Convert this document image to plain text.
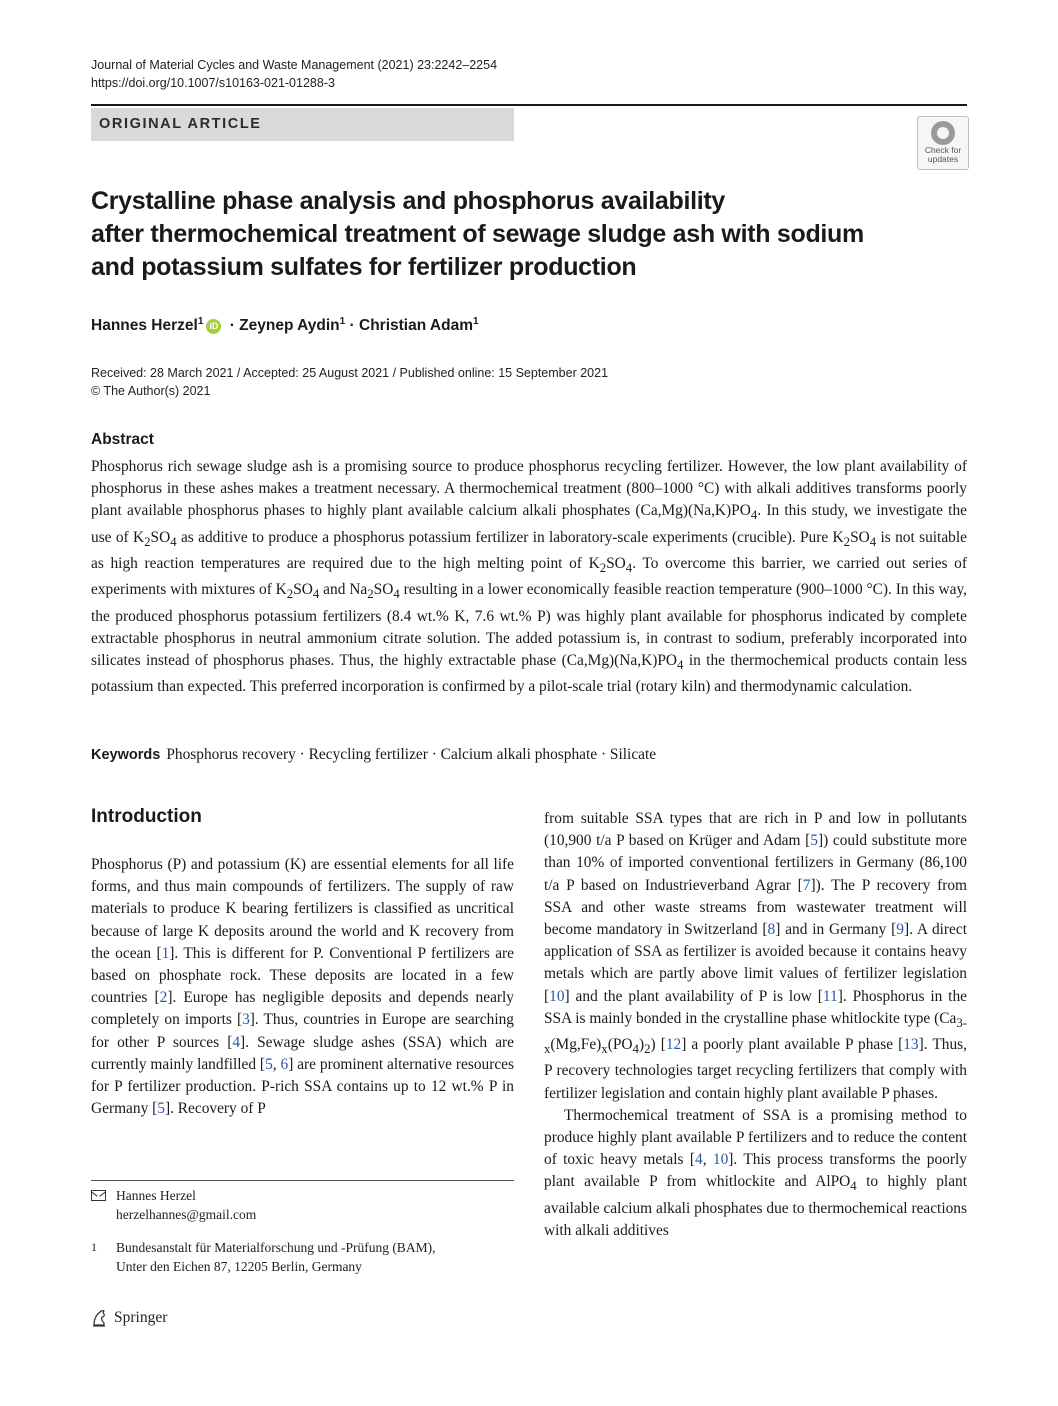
Journal of Material Cycles and Waste Management (2021) 23:2242–2254
https://doi.org/10.1007/s10163-021-01288-3
ORIGINAL ARTICLE
Check for
updates
Crystalline phase analysis and phosphorus availability
after thermochemical treatment of sewage sludge ash with sodium
and potassium sulfates for fertilizer production
Hannes Herzel$^1$ iD · Zeynep Aydin$^1$ · Christian Adam$^1$
Received: 28 March 2021 / Accepted: 25 August 2021 / Published online: 15 September 2021
© The Author(s) 2021
Abstract
Phosphorus rich sewage sludge ash is a promising source to produce phosphorus recycling fertilizer. However, the low plant availability of phosphorus in these ashes makes a treatment necessary. A thermochemical treatment (800–1000 °C) with alkali additives transforms poorly plant available phosphorus phases to highly plant available calcium alkali phosphates $(Ca,Mg)(Na,K)PO_4$. In this study, we investigate the use of $K_2SO_4$ as additive to produce a phosphorus potassium fertilizer in laboratory-scale experiments (crucible). Pure $K_2SO_4$ is not suitable as high reaction temperatures are required due to the high melting point of $K_2SO_4$. To overcome this barrier, we carried out series of experiments with mixtures of $K_2SO_4$ and $Na_2SO_4$ resulting in a lower economically feasible reaction temperature (900–1000 °C). In this way, the produced phosphorus potassium fertilizers (8.4 wt.% K, 7.6 wt.% P) was highly plant available for phosphorus indicated by complete extractable phosphorus in neutral ammonium citrate solution. The added potassium is, in contrast to sodium, preferably incorporated into silicates instead of phosphorus phases. Thus, the highly extractable phase $(Ca,Mg)(Na,K)PO_4$ in the thermochemical products contain less potassium than expected. This preferred incorporation is confirmed by a pilot-scale trial (rotary kiln) and thermodynamic calculation.
Keywords Phosphorus recovery · Recycling fertilizer · Calcium alkali phosphate · Silicate
Introduction

Phosphorus (P) and potassium (K) are essential elements for all life forms, and thus main compounds of fertilizers. The supply of raw materials to produce K bearing fertilizers is classified as uncritical because of large K deposits around the world and K recovery from the ocean [1]. This is different for P. Conventional P fertilizers are based on phosphate rock. These deposits are located in a few countries [2]. Europe has negligible deposits and depends nearly completely on imports [3]. Thus, countries in Europe are searching for other P sources [4]. Sewage sludge ashes (SSA) which are currently mainly landfilled [5, 6] are prominent alternative resources for P fertilizer production. P-rich SSA contains up to 12 wt.% P in Germany [5]. Recovery of P

from suitable SSA types that are rich in P and low in pollutants (10,900 t/a P based on Krüger and Adam [5]) could substitute more than 10% of imported conventional fertilizers in Germany (86,100 t/a P based on Industrieverband Agrar [7]). The P recovery from SSA and other waste streams from wastewater treatment will become mandatory in Switzerland [8] and in Germany [9]. A direct application of SSA as fertilizer is avoided because it contains heavy metals which are partly above limit values of fertilizer legislation [10] and the plant availability of P is low [11]. Phosphorus in the SSA is mainly bonded in the crystalline phase whitlockite type $(Ca_{3-x}(Mg,Fe)_x(PO_4)_2)$ [12] a poorly plant available P phase [13]. Thus, P recovery technologies target recycling fertilizers that comply with fertilizer legislation and contain highly plant available P phases.

Thermochemical treatment of SSA is a promising method to produce highly plant available P fertilizers and to reduce the content of toxic heavy metals [4, 10]. This process transforms the poorly plant available P from whitlockite and AlPO$_4$ to highly plant available calcium alkali phosphates due to thermochemical reactions with alkali additives

Hannes Herzel
herzelhannes@gmail.com
1 Bundesanstalt für Materialforschung und -Prüfung (BAM),
Unter den Eichen 87, 12205 Berlin, Germany
Springer
